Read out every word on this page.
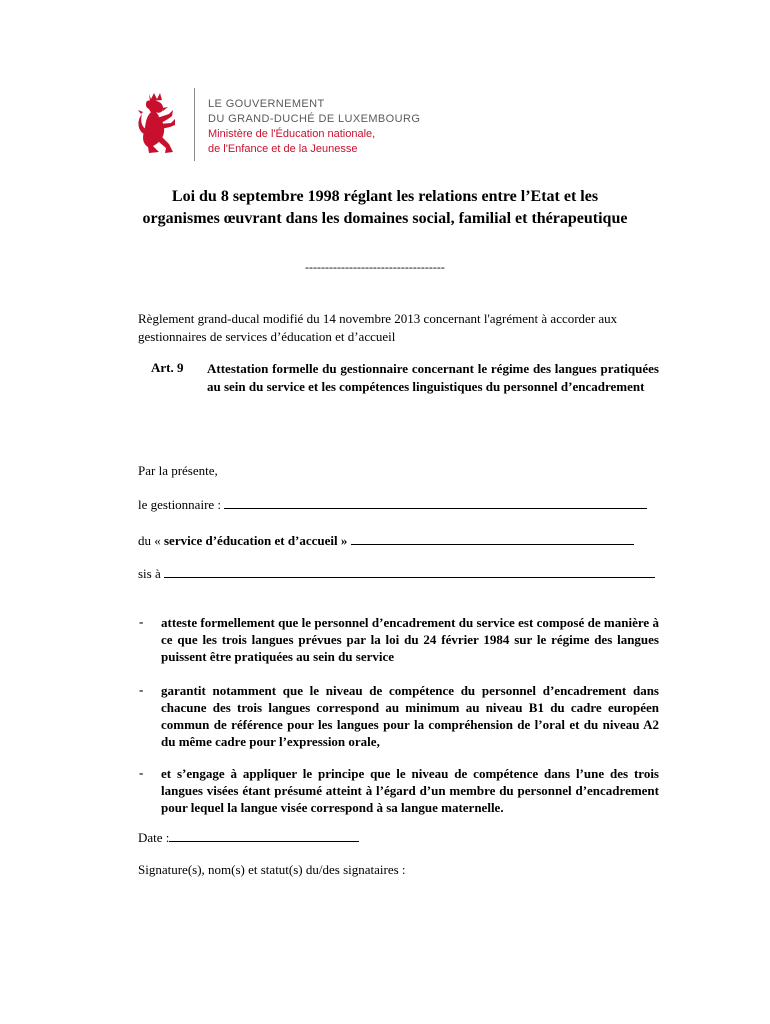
LE GOUVERNEMENT
DU GRAND-DUCHÉ DE LUXEMBOURG
Ministère de l'Éducation nationale,
de l'Enfance et de la Jeunesse
Loi du 8 septembre 1998 réglant les relations entre l’Etat et les
organismes œuvrant dans les domaines social, familial et thérapeutique
-----------------------------------
Règlement grand-ducal modifié du 14 novembre 2013 concernant l'agrément à accorder aux gestionnaires de services d’éducation et d’accueil
Art. 9 Attestation formelle du gestionnaire concernant le régime des langues pratiquées au sein du service et les compétences linguistiques du personnel d’encadrement
Par la présente,
le gestionnaire :
du « service d’éducation et d’accueil »
sis à
- atteste formellement que le personnel d’encadrement du service est composé de manière à ce que les trois langues prévues par la loi du 24 février 1984 sur le régime des langues puissent être pratiquées au sein du service
- garantit notamment que le niveau de compétence du personnel d’encadrement dans chacune des trois langues correspond au minimum au niveau B1 du cadre européen commun de référence pour les langues pour la compréhension de l’oral et du niveau A2 du même cadre pour l’expression orale,
- et s’engage à appliquer le principe que le niveau de compétence dans l’une des trois langues visées étant présumé atteint à l’égard d’un membre du personnel d’encadrement pour lequel la langue visée correspond à sa langue maternelle.
Date :
Signature(s), nom(s) et statut(s) du/des signataires :
